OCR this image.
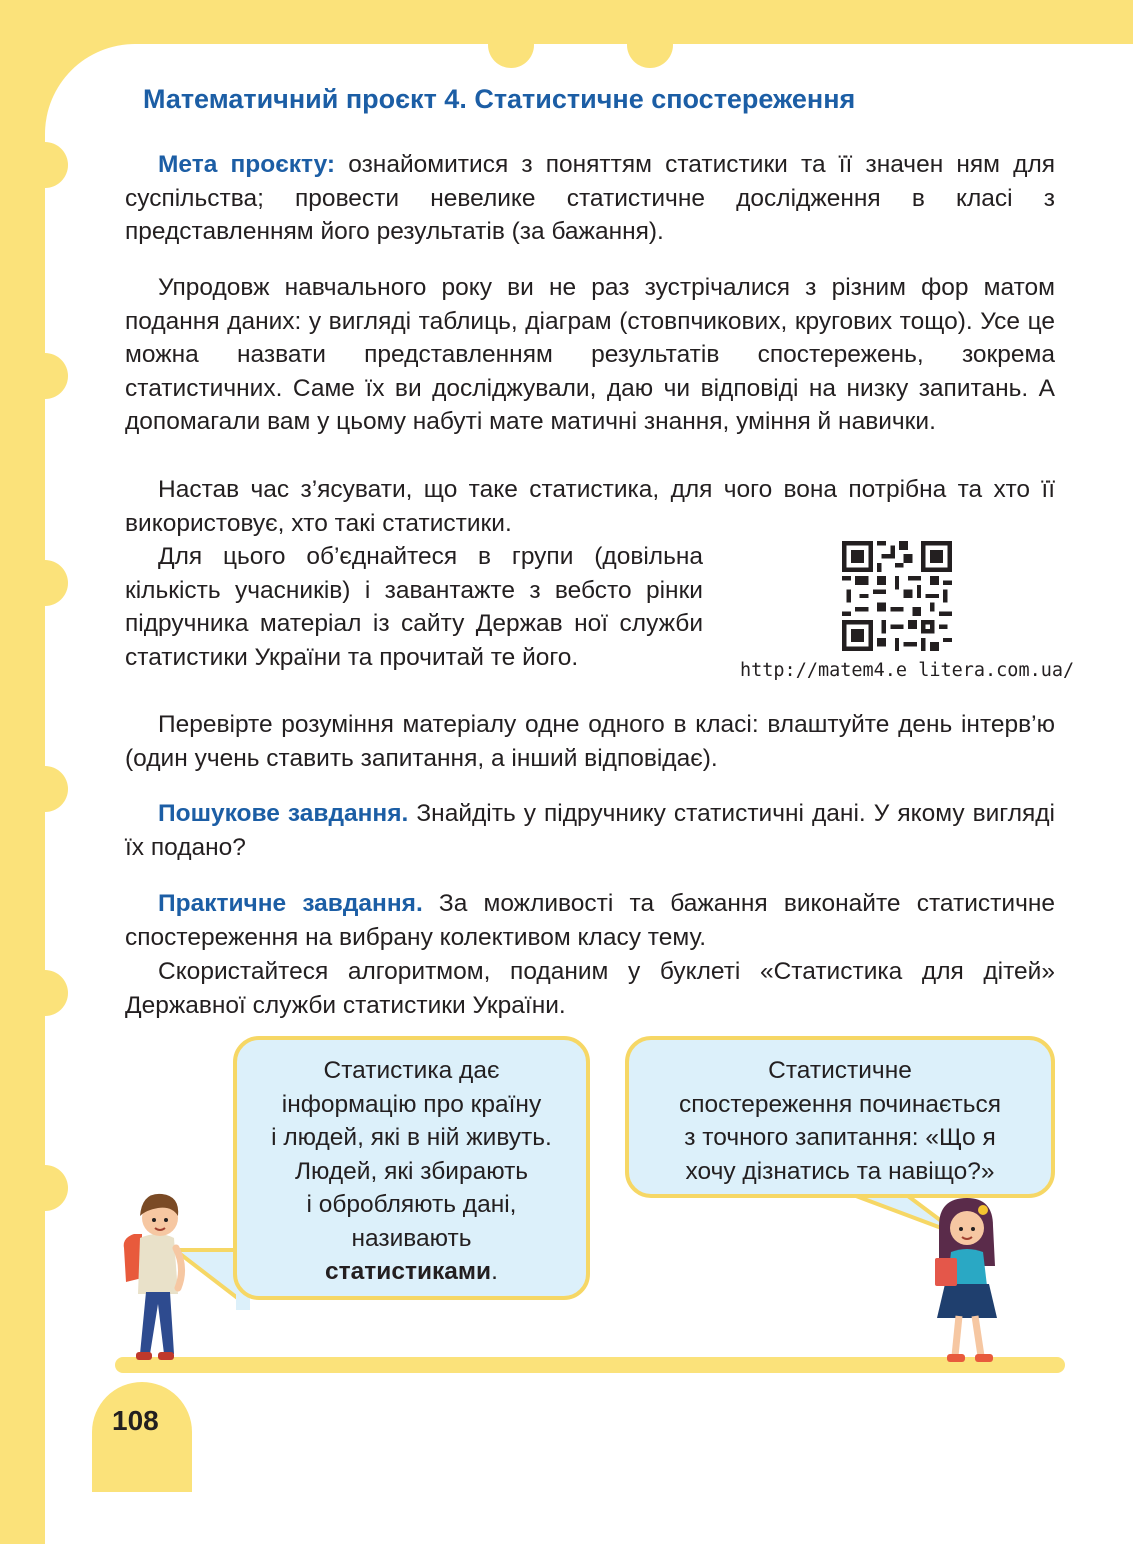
Математичний проєкт 4. Статистичне спостереження

Мета проєкту: ознайомитися з поняттям статистики та її значен ням для суспільства; провести невелике статистичне дослідження в класі з представленням його результатів (за бажання).

Упродовж навчального року ви не раз зустрічалися з різним фор матом подання даних: у вигляді таблиць, діаграм (стовпчикових, кругових тощо). Усе це можна назвати представленням результатів спостережень, зокрема статистичних. Саме їх ви досліджували, даю чи відповіді на низку запитань. А допомагали вам у цьому набуті мате матичні знання, уміння й навички.

Настав час з’ясувати, що таке статистика, для чого вона потрібна та хто її використовує, хто такі статистики.

Для цього об’єднайтеся в групи (довільна кількість учасників) і завантажте з вебсто рінки підручника матеріал із сайту Держав ної служби статистики України та прочитай те його.	http://matem4.e litera.com.ua/

Перевірте розуміння матеріалу одне одного в класі: влаштуйте день інтерв’ю (один учень ставить запитання, а інший відповідає).

Пошукове завдання. Знайдіть у підручнику статистичні дані. У якому вигляді їх подано?

Практичне завдання. За можливості та бажання виконайте статистичне спостереження на вибрану колективом класу тему.

Скористайтеся алгоритмом, поданим у буклеті «Статистика для дітей» Державної служби статистики України.

Статистика дає
інформацію про країну
і людей, які в ній живуть.
Людей, які збирають
і обробляють дані,
називають
статистиками.
Статистичне
спостереження починається
з точного запитання: «Що я
хочу дізнатись та навіщо?»
108
